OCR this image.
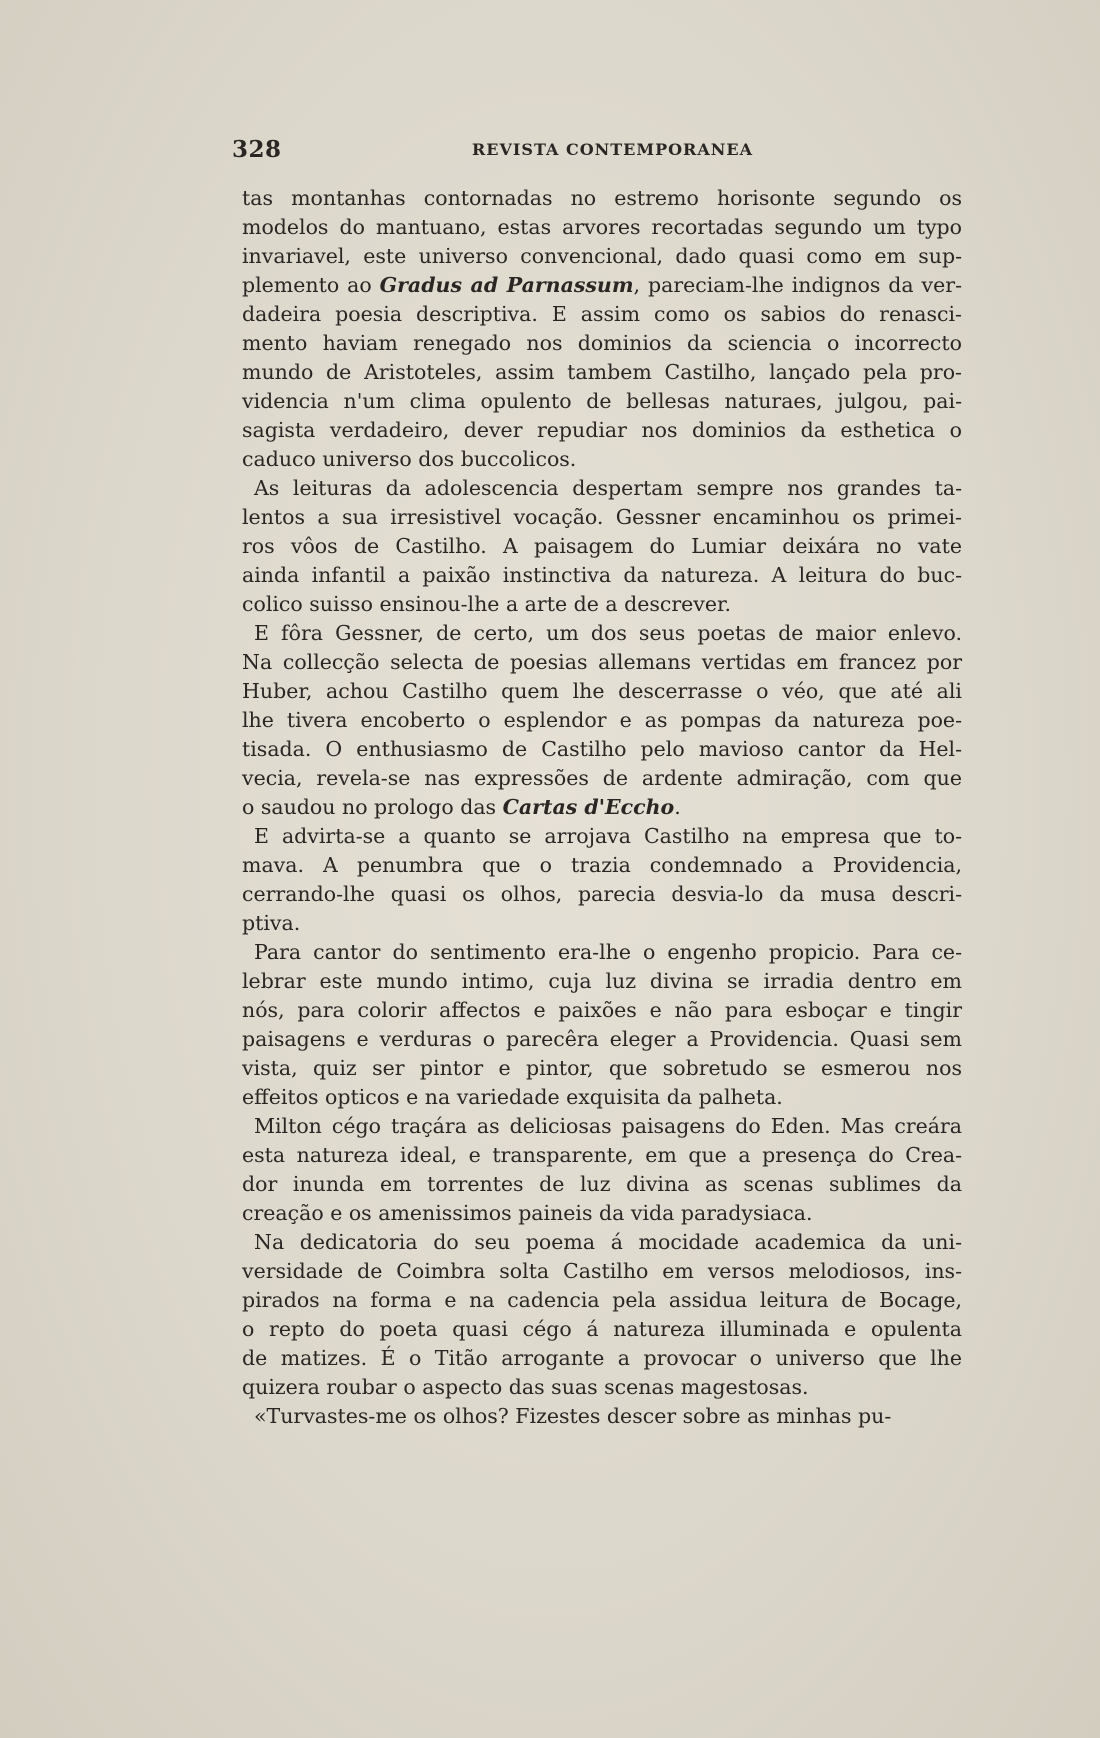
328	REVISTA CONTEMPORANEA
tas montanhas contornadas no estremo horisonte segundo os
modelos do mantuano, estas arvores recortadas segundo um typo
invariavel, este universo convencional, dado quasi como em sup-
plemento ao Gradus ad Parnassum, pareciam-lhe indignos da ver-
dadeira poesia descriptiva. E assim como os sabios do renasci-
mento haviam renegado nos dominios da sciencia o incorrecto
mundo de Aristoteles, assim tambem Castilho, lançado pela pro-
videncia n'um clima opulento de bellesas naturaes, julgou, pai-
sagista verdadeiro, dever repudiar nos dominios da esthetica o
caduco universo dos buccolicos.
As leituras da adolescencia despertam sempre nos grandes ta-
lentos a sua irresistivel vocação. Gessner encaminhou os primei-
ros vôos de Castilho. A paisagem do Lumiar deixára no vate
ainda infantil a paixão instinctiva da natureza. A leitura do buc-
colico suisso ensinou-lhe a arte de a descrever.
E fôra Gessner, de certo, um dos seus poetas de maior enlevo.
Na collecção selecta de poesias allemans vertidas em francez por
Huber, achou Castilho quem lhe descerrasse o véo, que até ali
lhe tivera encoberto o esplendor e as pompas da natureza poe-
tisada. O enthusiasmo de Castilho pelo mavioso cantor da Hel-
vecia, revela-se nas expressões de ardente admiração, com que
o saudou no prologo das Cartas d'Eccho.
E advirta-se a quanto se arrojava Castilho na empresa que to-
mava. A penumbra que o trazia condemnado a Providencia,
cerrando-lhe quasi os olhos, parecia desvia-lo da musa descri-
ptiva.
Para cantor do sentimento era-lhe o engenho propicio. Para ce-
lebrar este mundo intimo, cuja luz divina se irradia dentro em
nós, para colorir affectos e paixões e não para esboçar e tingir
paisagens e verduras o parecêra eleger a Providencia. Quasi sem
vista, quiz ser pintor e pintor, que sobretudo se esmerou nos
effeitos opticos e na variedade exquisita da palheta.
Milton cégo traçára as deliciosas paisagens do Eden. Mas creára
esta natureza ideal, e transparente, em que a presença do Crea-
dor inunda em torrentes de luz divina as scenas sublimes da
creação e os amenissimos paineis da vida paradysiaca.
Na dedicatoria do seu poema á mocidade academica da uni-
versidade de Coimbra solta Castilho em versos melodiosos, ins-
pirados na forma e na cadencia pela assidua leitura de Bocage,
o repto do poeta quasi cégo á natureza illuminada e opulenta
de matizes. É o Titão arrogante a provocar o universo que lhe
quizera roubar o aspecto das suas scenas magestosas.
«Turvastes-me os olhos? Fizestes descer sobre as minhas pu-
